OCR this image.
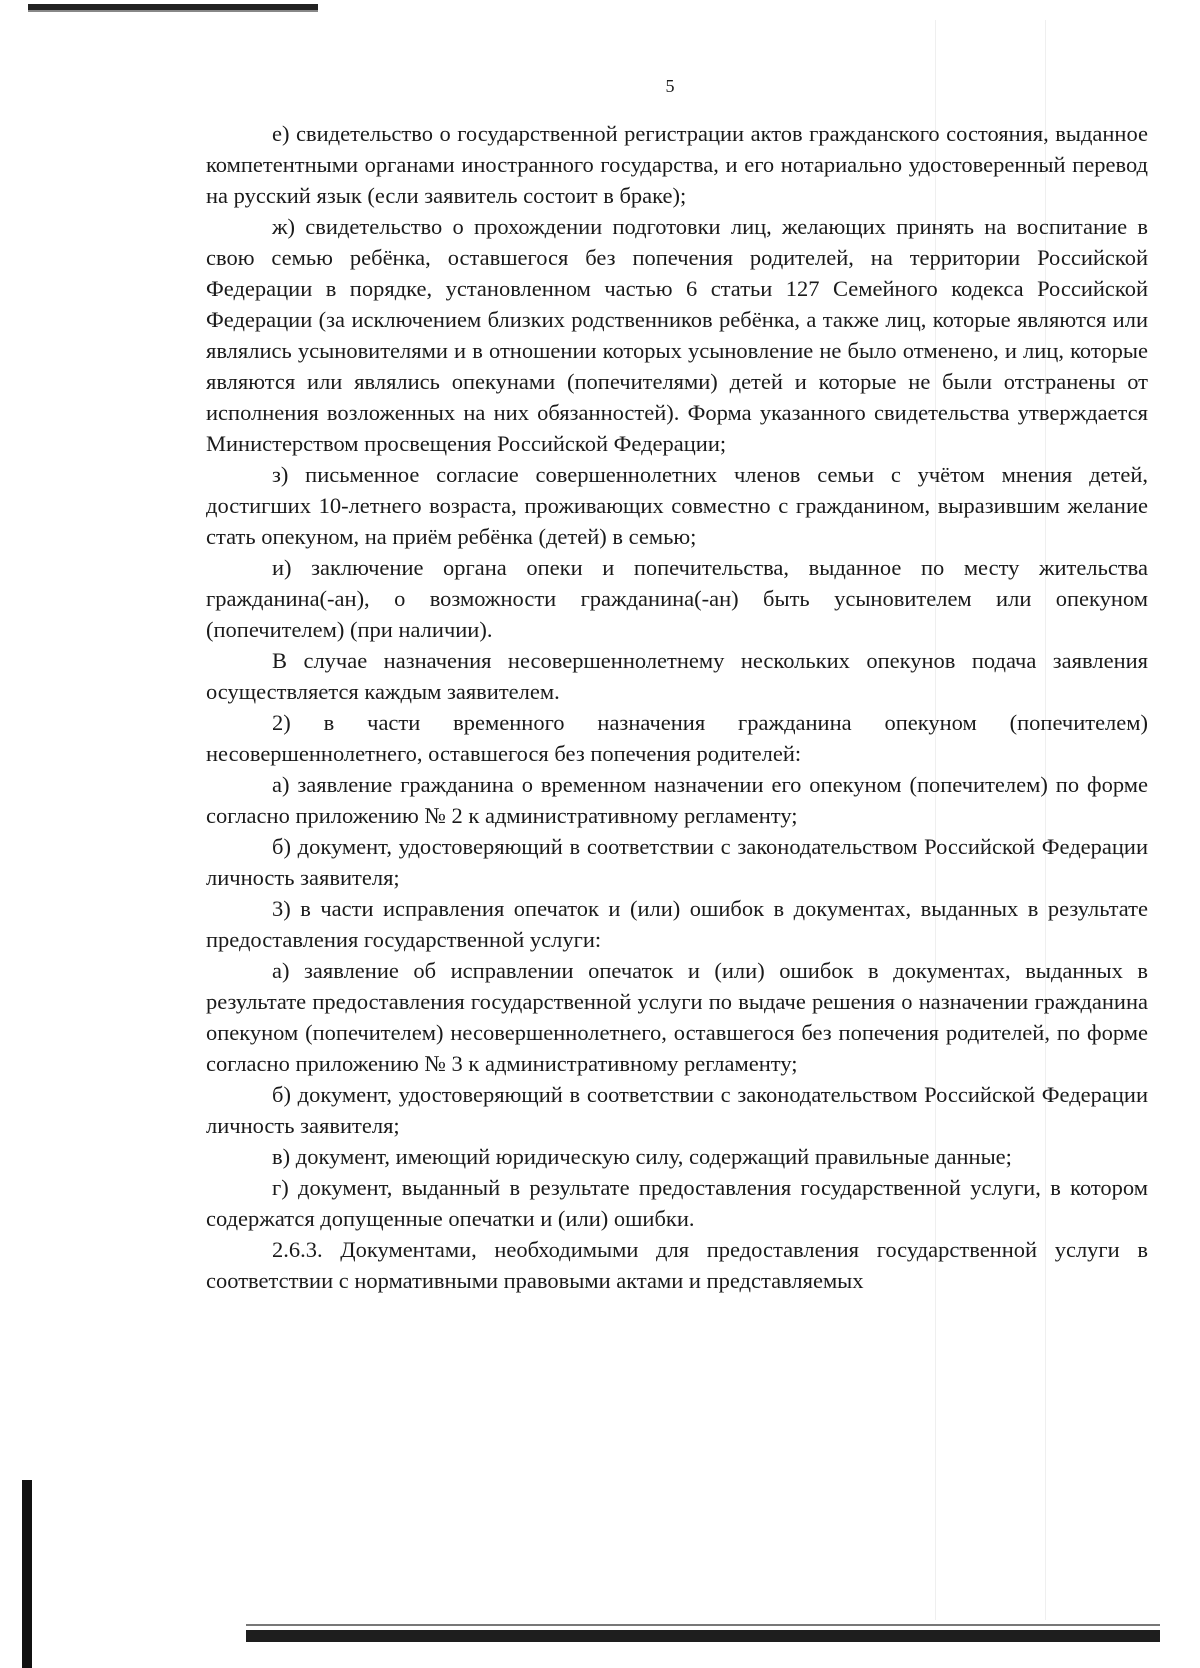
5

е) свидетельство о государственной регистрации актов гражданского состояния, выданное компетентными органами иностранного государства, и его нотариально удостоверенный перевод на русский язык (если заявитель состоит в браке);

ж) свидетельство о прохождении подготовки лиц, желающих принять на воспитание в свою семью ребёнка, оставшегося без попечения родителей, на территории Российской Федерации в порядке, установленном частью 6 статьи 127 Семейного кодекса Российской Федерации (за исключением близких родственников ребёнка, а также лиц, которые являются или являлись усыновителями и в отношении которых усыновление не было отменено, и лиц, которые являются или являлись опекунами (попечителями) детей и которые не были отстранены от исполнения возложенных на них обязанностей). Форма указанного свидетельства утверждается Министерством просвещения Российской Федерации;

з) письменное согласие совершеннолетних членов семьи с учётом мнения детей, достигших 10-летнего возраста, проживающих совместно с гражданином, выразившим желание стать опекуном, на приём ребёнка (детей) в семью;

и) заключение органа опеки и попечительства, выданное по месту жительства гражданина(-ан), о возможности гражданина(-ан) быть усыновителем или опекуном (попечителем) (при наличии).

В случае назначения несовершеннолетнему нескольких опекунов подача заявления осуществляется каждым заявителем.

2) в части временного назначения гражданина опекуном (попечителем) несовершеннолетнего, оставшегося без попечения родителей:

а) заявление гражданина о временном назначении его опекуном (попечителем) по форме согласно приложению № 2 к административному регламенту;

б) документ, удостоверяющий в соответствии с законодательством Российской Федерации личность заявителя;

3) в части исправления опечаток и (или) ошибок в документах, выданных в результате предоставления государственной услуги:

а) заявление об исправлении опечаток и (или) ошибок в документах, выданных в результате предоставления государственной услуги по выдаче решения о назначении гражданина опекуном (попечителем) несовершеннолетнего, оставшегося без попечения родителей, по форме согласно приложению № 3 к административному регламенту;

б) документ, удостоверяющий в соответствии с законодательством Российской Федерации личность заявителя;

в) документ, имеющий юридическую силу, содержащий правильные данные;

г) документ, выданный в результате предоставления государственной услуги, в котором содержатся допущенные опечатки и (или) ошибки.

2.6.3. Документами, необходимыми для предоставления государственной услуги в соответствии с нормативными правовыми актами и представляемых
